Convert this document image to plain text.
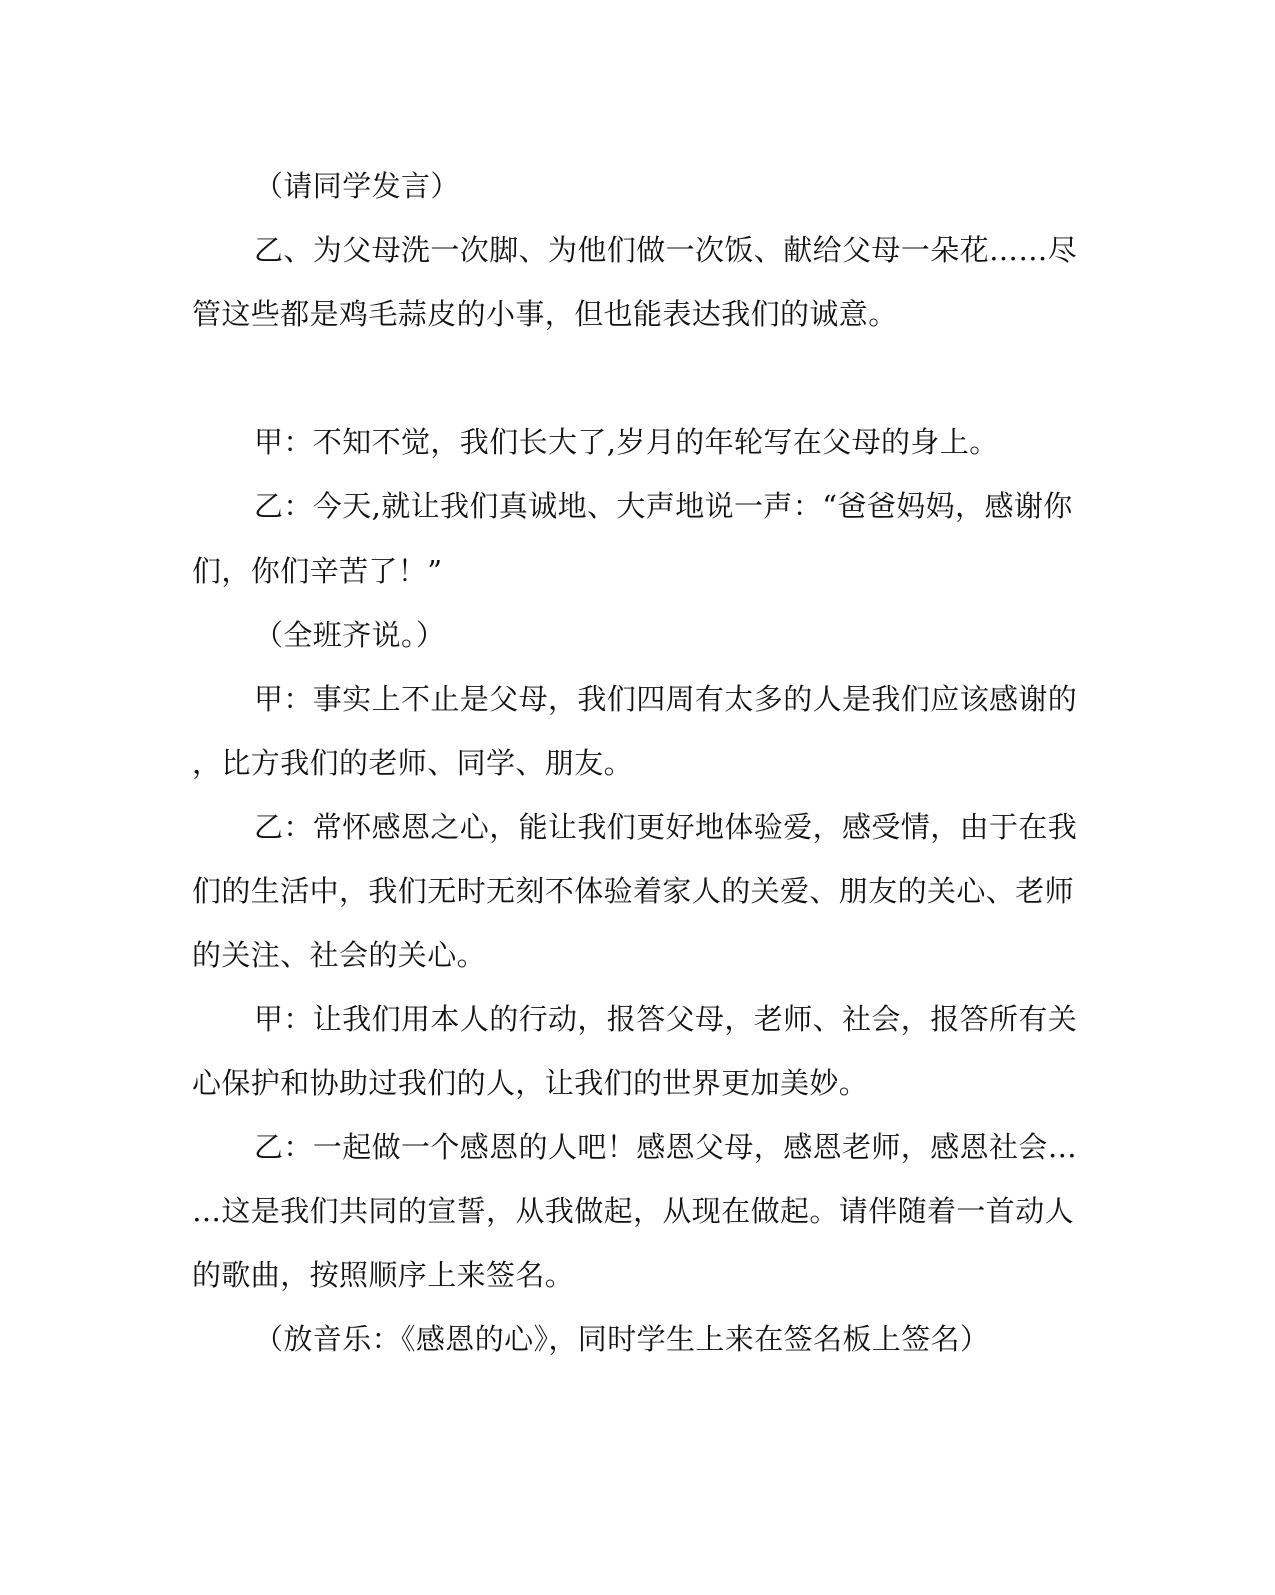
（请同学发言）
乙、为父母洗一次脚、为他们做一次饭、献给父母一朵花……尽
管这些都是鸡毛蒜皮的小事，但也能表达我们的诚意。
甲：不知不觉，我们长大了,岁月的年轮写在父母的身上。
乙：今天,就让我们真诚地、大声地说一声：“爸爸妈妈，感谢你
们，你们辛苦了！”
（全班齐说。）
甲：事实上不止是父母，我们四周有太多的人是我们应该感谢的
，比方我们的老师、同学、朋友。
乙：常怀感恩之心，能让我们更好地体验爱，感受情，由于在我
们的生活中，我们无时无刻不体验着家人的关爱、朋友的关心、老师
的关注、社会的关心。
甲：让我们用本人的行动，报答父母，老师、社会，报答所有关
心保护和协助过我们的人，让我们的世界更加美妙。
乙：一起做一个感恩的人吧！感恩父母，感恩老师，感恩社会…
…这是我们共同的宣誓，从我做起，从现在做起。请伴随着一首动人
的歌曲，按照顺序上来签名。
（放音乐：《感恩的心》，同时学生上来在签名板上签名）
